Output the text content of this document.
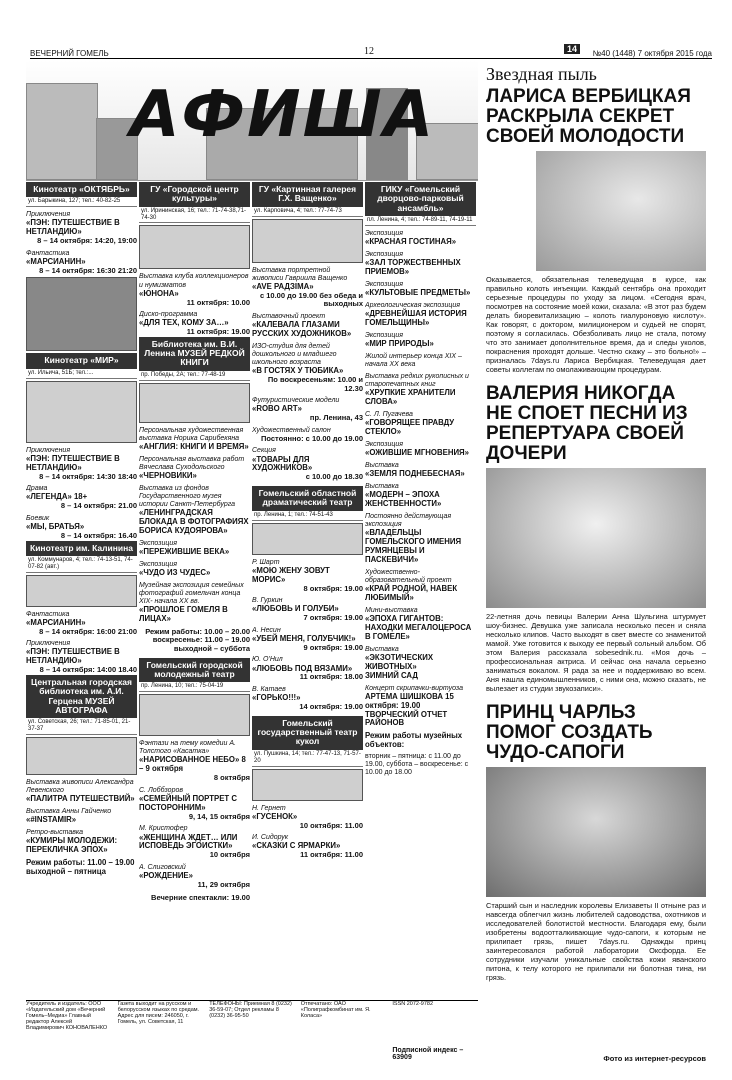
ВЕЧЕРНИЙ ГОМЕЛЬ	12	14	№40 (1448) 7 октября 2015 года
АФИША
Кинотеатр «ОКТЯБРЬ»
ул. Барыкина, 127; тел.: 40-82-25
Приключения
«ПЭН: ПУТЕШЕСТВИЕ В НЕТЛАНДИЮ»
8 – 14 октября: 14:20, 19:00
Фантастика
«МАРСИАНИН»
8 – 14 октября: 16:30 21:20
Кинотеатр «МИР»
ул. Ильича, 51Б; тел.:...
Приключения
«ПЭН: ПУТЕШЕСТВИЕ В НЕТЛАНДИЮ»
8 – 14 октября: 14:30 18:40
Драма
«ЛЕГЕНДА» 18+
8 – 14 октября: 21.00
Боевик
«МЫ, БРАТЬЯ»
8 – 14 октября: 16.40
Кинотеатр им. Калинина
ул. Коммунаров, 4; тел.: 74-13-51, 74-07-82 (авт.)
Фантастика
«МАРСИАНИН»
8 – 14 октября: 16:00 21:00
Приключения
«ПЭН: ПУТЕШЕСТВИЕ В НЕТЛАНДИЮ»
8 – 14 октября: 14:00 18.40
Центральная городская библиотека им. А.И. Герцена МУЗЕЙ АВТОГРАФА
ул. Советская, 26; тел.: 71-85-01, 21-37-37
Выставка живописи Александра Левенского
«ПАЛИТРА ПУТЕШЕСТВИЙ»
Выставка Анны Гайченко
«#INSTAMIR»
Ретро-выставка
«КУМИРЫ МОЛОДЕЖИ: ПЕРЕКЛИЧКА ЭПОХ»
Режим работы: 11.00 – 19.00 выходной – пятница
ГУ «Городской центр культуры»
ул. Ирининская, 16; тел.: 71-74-38,71-74-30
Выставка клуба коллекционеров и нумизматов
«ЮНОНА»
11 октября: 10.00
Диско-программа
«ДЛЯ ТЕХ, КОМУ ЗА…»
11 октября: 19.00
Библиотека им. В.И. Ленина МУЗЕЙ РЕДКОЙ КНИГИ
пр. Победы, 2А; тел.: 77-48-19
Персональная художественная выставка Норика Сарибекяна
«АНГЛИЯ: КНИГИ И ВРЕМЯ»
Персональная выставка работ Вячеслава Суходольского
«ЧЕРНОВИКИ»
Выставка из фондов Государственного музея истории Санкт-Петербурга
«ЛЕНИНГРАДСКАЯ БЛОКАДА В ФОТОГРАФИЯХ БОРИСА КУДОЯРОВА»
Экспозиция
«ПЕРЕЖИВШИЕ ВЕКА»
Экспозиция
«ЧУДО ИЗ ЧУДЕС»
Музейная экспозиция семейных фотографий гомельчан конца XIX- начала XX вв.
«ПРОШЛОЕ ГОМЕЛЯ В ЛИЦАХ»
Режим работы: 10.00 – 20.00 воскресенье: 11.00 – 19.00 выходной – суббота
Гомельский городской молодежный театр
пр. Ленина, 10; тел.: 75-04-19
Фэнтази на тему комедии А. Толстого «Касатка»
«НАРИСОВАННОЕ НЕБО» 8 – 9 октября
8 октября
С. Лоббзоров
«СЕМЕЙНЫЙ ПОРТРЕТ С ПОСТОРОННИМ»
9, 14, 15 октября
М. Кристофер
«ЖЕНЩИНА ЖДЕТ… ИЛИ ИСПОВЕДЬ ЭГОИСТКИ»
10 октября
А. Слиговский
«РОЖДЕНИЕ»
11, 29 октября
Вечерние спектакли: 19.00
ГУ «Картинная галерея Г.Х. Ващенко»
ул. Карповича, 4; тел.: 77-74-73
Выставка портретной живописи Гавриила Ващенко
«AVE РАДЗІМА»
с 10.00 до 19.00 без обеда и выходных
Выставочный проект
«КАЛЕВАЛА ГЛАЗАМИ РУССКИХ ХУДОЖНИКОВ»
ИЗО-студия для детей дошкольного и младшего школьного возраста
«В ГОСТЯХ У ТЮБИКА»
По воскресеньям: 10.00 и 12.30
Футуристические модели
«ROBO ART»
пр. Ленина, 43
Художественный салон
Постоянно: с 10.00 до 19.00
Секция
«ТОВАРЫ ДЛЯ ХУДОЖНИКОВ»
с 10.00 до 18.30
Гомельский областной драматический театр
пр. Ленина, 1; тел.: 74-51-43
Р. Шарт
«МОЮ ЖЕНУ ЗОВУТ МОРИС»
8 октября: 19.00
В. Гуркин
«ЛЮБОВЬ И ГОЛУБИ»
7 октября: 19.00
А. Несин
«УБЕЙ МЕНЯ, ГОЛУБЧИК!»
9 октября: 19.00
Ю. О'Нил
«ЛЮБОВЬ ПОД ВЯЗАМИ»
11 октября: 18.00
В. Катаев
«ГОРЬКО!!!»
14 октября: 19.00
Гомельский государственный театр кукол
ул. Пушкина, 14; тел.: 77-47-13, 71-57-20
Н. Гернет
«ГУСЕНОК»
10 октября: 11.00
И. Сидорук
«СКАЗКИ С ЯРМАРКИ»
11 октября: 11.00
ГИКУ «Гомельский дворцово-парковый ансамбль»
пл. Ленина, 4; тел.: 74-89-11, 74-19-11
Экспозиция
«КРАСНАЯ ГОСТИНАЯ»
Экспозиция
«ЗАЛ ТОРЖЕСТВЕННЫХ ПРИЕМОВ»
Экспозиция
«КУЛЬТОВЫЕ ПРЕДМЕТЫ»
Археологическая экспозиция
«ДРЕВНЕЙШАЯ ИСТОРИЯ ГОМЕЛЬЩИНЫ»
Экспозиция
«МИР ПРИРОДЫ»
Жилой интерьер конца XIX – начала XX века
Выставка редких рукописных и старопечатных книг
«ХРУПКИЕ ХРАНИТЕЛИ СЛОВА»
С. Л. Пугачева
«ГОВОРЯЩЕЕ ПРАВДУ СТЕКЛО»
Экспозиция
«ОЖИВШИЕ МГНОВЕНИЯ»
Выставка
«ЗЕМЛЯ ПОДНЕБЕСНАЯ»
Выставка
«МОДЕРН – ЭПОХА ЖЕНСТВЕННОСТИ»
Постоянно действующая экспозиция
«ВЛАДЕЛЬЦЫ ГОМЕЛЬСКОГО ИМЕНИЯ РУМЯНЦЕВЫ И ПАСКЕВИЧИ»
Художественно-образовательный проект
«КРАЙ РОДНОЙ, НАВЕК ЛЮБИМЫЙ»
Мини-выставка
«ЭПОХА ГИГАНТОВ: НАХОДКИ МЕГАЛОЦЕРОСА В ГОМЕЛЕ»
Выставка
«ЭКЗОТИЧЕСКИХ ЖИВОТНЫХ»
ЗИМНИЙ САД
Концерт скрипачки-виртуоза
АРТЕМА ШИШКОВА 15 октября: 19.00
ТВОРЧЕСКИЙ ОТЧЕТ РАЙОНОВ
Режим работы музейных объектов:
вторник – пятница: с 11.00 до 19.00, суббота – воскресенье: с 10.00 до 18.00
Звездная пыль
ЛАРИСА ВЕРБИЦКАЯ РАСКРЫЛА СЕКРЕТ СВОЕЙ МОЛОДОСТИ
Оказывается, обязательная телеведущая в курсе, как правильно колоть инъекции. Каждый сентябрь она проходит серьезные процедуры по уходу за лицом. «Сегодня врач, посмотрев на состояние моей кожи, сказала: «В этот раз будем делать биоревитализацию – колоть гиалуроновую кислоту». Как говорят, с доктором, милиционером и судьей не спорят, поэтому я согласилась. Обезболивать лицо не стала, потому что это занимает дополнительное время, да и следы уколов, покраснения проходят дольше. Честно скажу – это больно!» – призналась 7days.ru Лариса Вербицкая. Телеведущая дает советы коллегам по омолаживающим процедурам.
ВАЛЕРИЯ НИКОГДА НЕ СПОЕТ ПЕСНИ ИЗ РЕПЕРТУАРА СВОЕЙ ДОЧЕРИ
22-летняя дочь певицы Валерии Анна Шульгина штурмует шоу-бизнес. Девушка уже записала несколько песен и сняла несколько клипов. Часто выходят в свет вместе со знаменитой мамой. Уже готовится к выходу ее первый сольный альбом. Об этом Валерия рассказала sobesednik.ru. «Моя дочь – профессиональная актриса. И сейчас она начала серьезно заниматься вокалом. Я рада за нее и поддерживаю во всем. Аня нашла единомышленников, с ними она, можно сказать, не вылезает из студии звукозаписи».
ПРИНЦ ЧАРЛЬЗ ПОМОГ СОЗДАТЬ ЧУДО-САПОГИ
Старший сын и наследник королевы Елизаветы II отныне раз и навсегда облегчил жизнь любителей садоводства, охотников и исследователей болотистой местности. Благодаря ему, были изобретены водоотталкивающие чудо-сапоги, к которым не прилипает грязь, пишет 7days.ru. Однажды принц заинтересовался работой лаборатории Оксфорда. Ее сотрудники изучали уникальные свойства кожи яванского питона, к телу которого не прилипали ни болотная тина, ни грязь.
Фото из интернет-ресурсов
Учредитель и издатель: ООО «Издательский дом «Вечерний Гомель–Медиа» Главный редактор Алексей Владимирович КОНОВАЛЕНКО
Газета выходит на русском и белорусском языках по средам. Адрес для писем: 246050, г. Гомель, ул. Советская, 11
ТЕЛЕФОНЫ: Приемная 8 (0232) 36-59-07; Отдел рекламы 8 (0232) 36-95-50
Отпечатано: ОАО «Полиграфкомбинат им. Я. Коласа»
ISSN 2072-9782
Подписной индекс – 63909
